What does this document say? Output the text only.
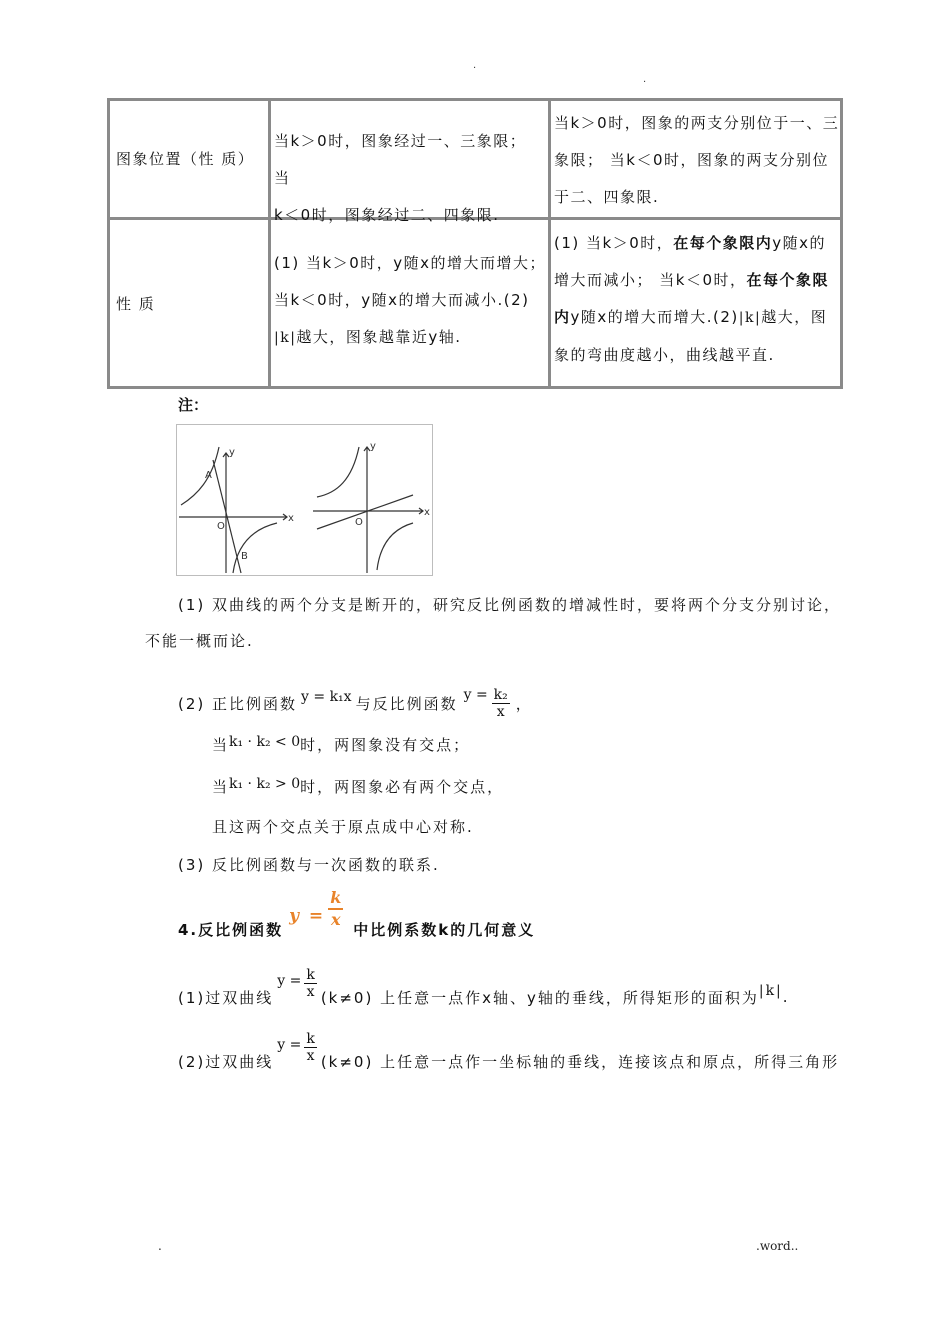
.
.
图象位置（性 质）
当k＞0时，图象经过一、三象限； 当
k＜0时，图象经过二、四象限.
当k＞0时，图象的两支分别位于一、三
象限； 当k＜0时，图象的两支分别位
于二、四象限.
性 质
(1) 当k＞0时，y随x的增大而增大；
当k＜0时，y随x的增大而减小.(2)
|k|越大，图象越靠近y轴.
(1) 当k＞0时，在每个象限内y随x的
增大而减小； 当k＜0时，在每个象限
内y随x的增大而增大.(2)|k|越大，图
象的弯曲度越小，曲线越平直.
注：
y
x
O
A
B
y
x
O
(1) 双曲线的两个分支是断开的，研究反比例函数的增减性时，要将两个分支分别讨论，
不能一概而论.
(2) 正比例函数 y = k₁x 与反比例函数 $y = \frac{\text{k₂}}{x}$ ，
当k₁ · k₂ < 0时，两图象没有交点；
当k₁ · k₂ > 0时，两图象必有两个交点，
且这两个交点关于原点成中心对称.
(3) 反比例函数与一次函数的联系.
4.反比例函数
$y = \frac{k}{x}$ 中比例系数k的几何意义
(1)过双曲线
$y = \frac{k}{x} (k\ne 0)$ 上任意一点作x轴、y轴的垂线，所得矩形的面积为 |k| .
(2)过双曲线
$y = \frac{k}{x} (k\ne 0)$ 上任意一点作一坐标轴的垂线，连接该点和原点，所得三角形
.	.word..
